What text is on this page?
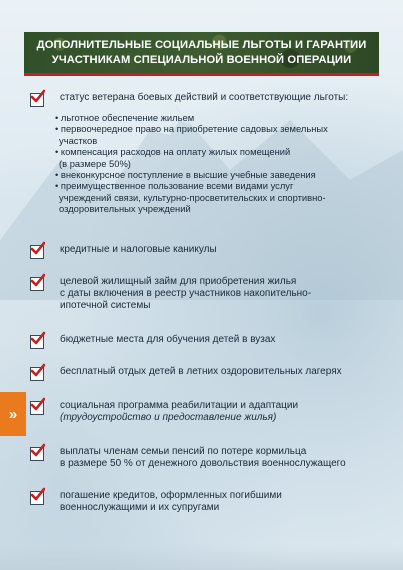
ДОПОЛНИТЕЛЬНЫЕ СОЦИАЛЬНЫЕ ЛЬГОТЫ И ГАРАНТИИ
УЧАСТНИКАМ СПЕЦИАЛЬНОЙ ВОЕННОЙ ОПЕРАЦИИ
статус ветерана боевых действий и соответствующие льготы:
• льготное обеспечение жильем
• первоочередное право на приобретение садовых земельных
участков
• компенсация расходов на оплату жилых помещений
(в размере 50%)
• внеконкурсное поступление в высшие учебные заведения
• преимущественное пользование всеми видами услуг
учреждений связи, культурно-просветительских и спортивно-
оздоровительных учреждений
кредитные и налоговые каникулы
целевой жилищный займ для приобретения жилья
с даты включения в реестр участников накопительно-
ипотечной системы
бюджетные места для обучения детей в вузах
бесплатный отдых детей в летних оздоровительных лагерях
социальная программа реабилитации и адаптации
(трудоустройство и предоставление жилья)
выплаты членам семьи пенсий по потере кормильца
в размере 50 % от денежного довольствия военнослужащего
погашение кредитов, оформленных погибшими
военнослужащими и их супругами
»
